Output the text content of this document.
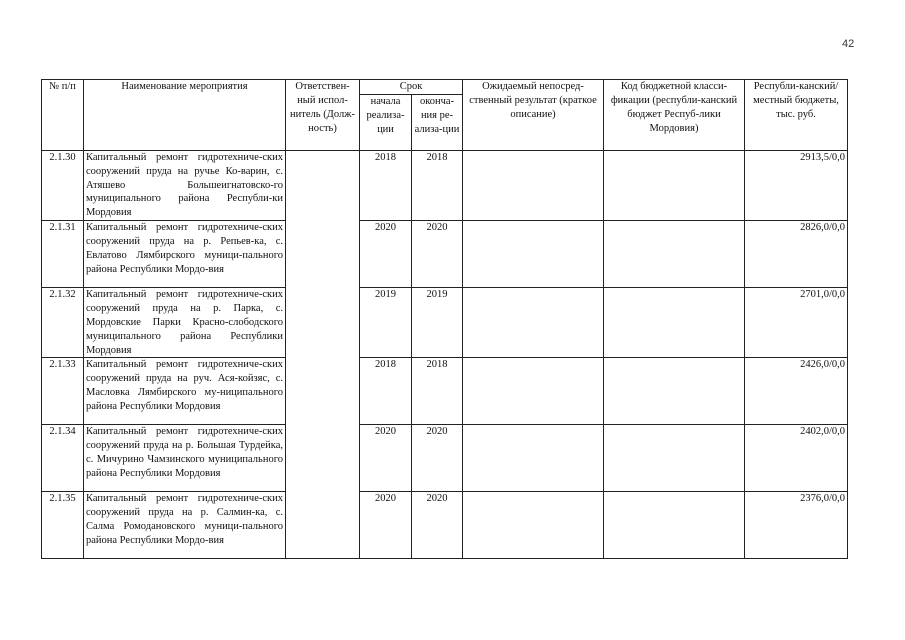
42
№ п/п	Наименование мероприятия	Ответствен-ный испол-нитель (Долж-ность)	Срок		Ожидаемый непосред-ственный результат (краткое описание)	Код бюджетной класси-фикации (республи-канский бюджет Респуб-лики Мордовия)	Республи-канский/местный бюджеты, тыс. руб.
			начала реализа-ции	оконча-ния ре-ализа-ции			
2.1.30	Капитальный ремонт гидротехниче-ских сооружений пруда на ручье Ко-варин, с. Атяшево Большеигнатовско-го муниципального района Республи-ки Мордовия		2018	2018			2913,5/0,0
2.1.31	Капитальный ремонт гидротехниче-ских сооружений пруда на р. Репьев-ка, с. Евлатово Лямбирского муници-пального района Республики Мордо-вия		2020	2020			2826,0/0,0
2.1.32	Капитальный ремонт гидротехниче-ских сооружений пруда на р. Парка, с. Мордовские Парки Красно-слободского муниципального района Республики Мордовия		2019	2019			2701,0/0,0
2.1.33	Капитальный ремонт гидротехниче-ских сооружений пруда на руч. Ася-койзяс, с. Масловка Лямбирского му-ниципального района Республики Мордовия		2018	2018			2426,0/0,0
2.1.34	Капитальный ремонт гидротехниче-ских сооружений пруда на р. Большая Турдейка, с. Мичурино Чамзинского муниципального района Республики Мордовия		2020	2020			2402,0/0,0
2.1.35	Капитальный ремонт гидротехниче-ских сооружений пруда на р. Салмин-ка, с. Салма Ромодановского муници-пального района Республики Мордо-вия		2020	2020			2376,0/0,0
